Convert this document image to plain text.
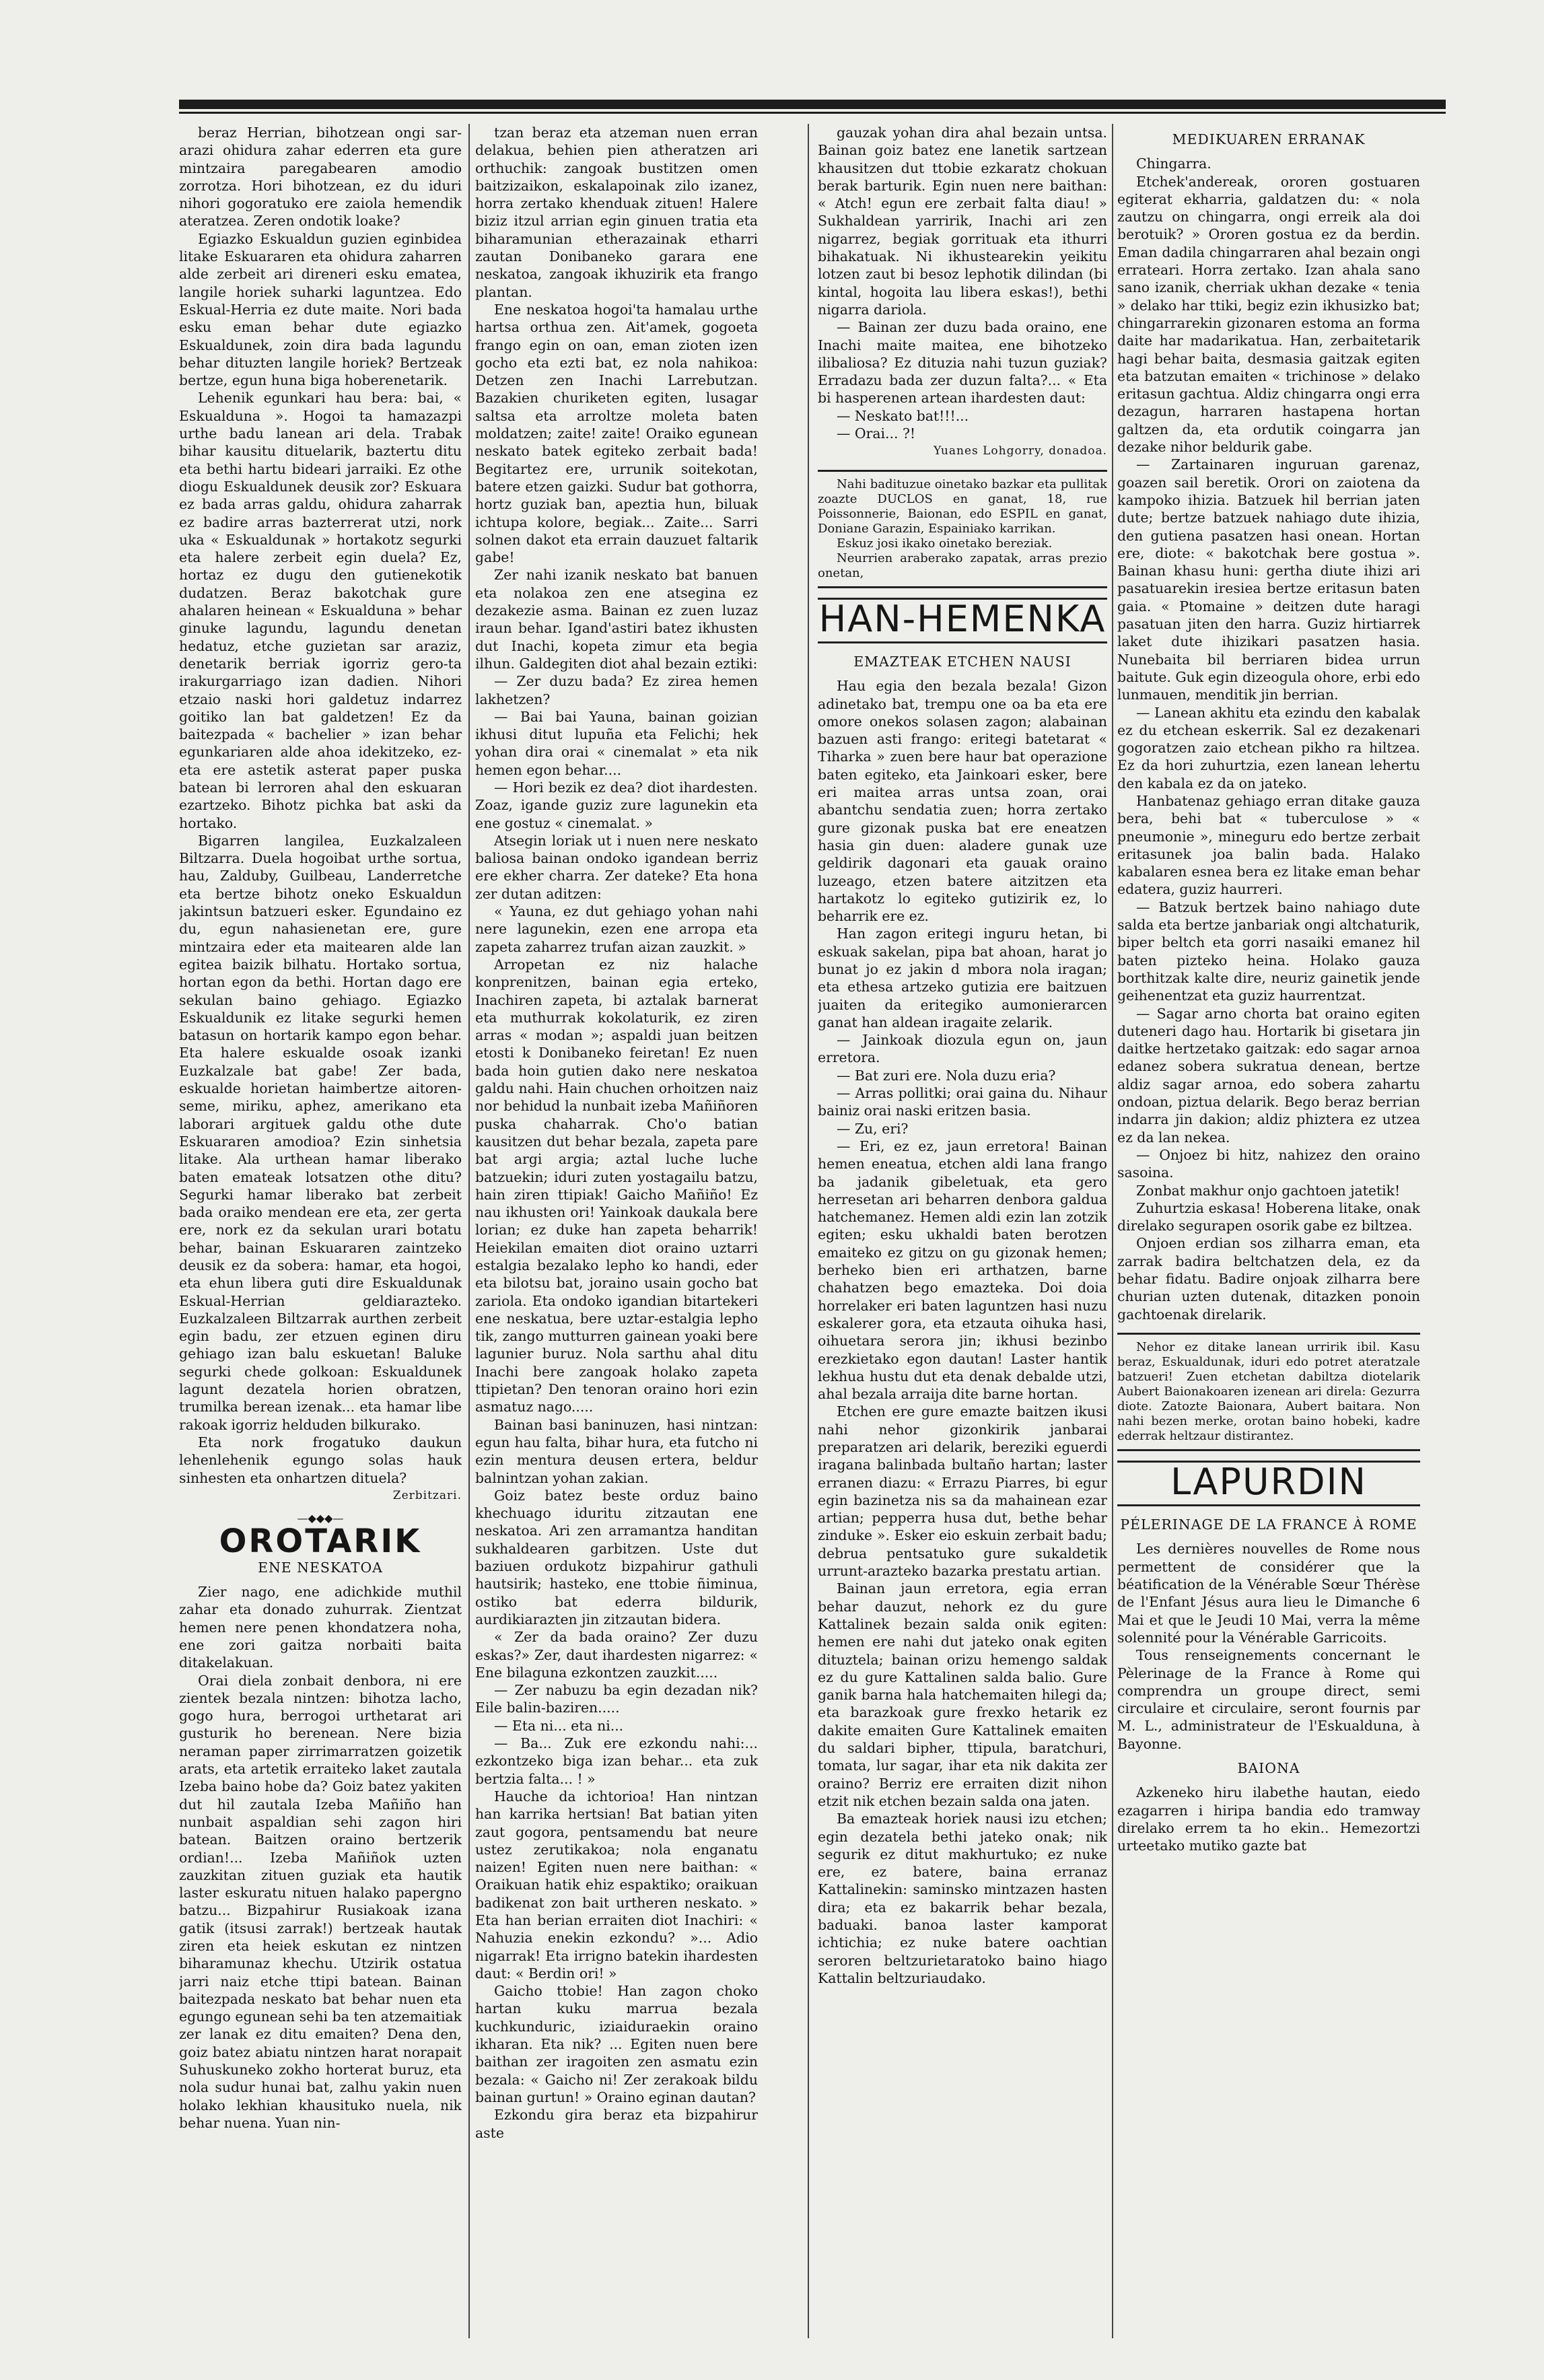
beraz Herrian, bihotzean ongi sar-arazi ohidura zahar ederren eta gure mintzaira paregabearen amodio zorrotza. Hori bihotzean, ez du iduri nihori gogoratuko ere zaiola hemendik ateratzea. Zeren ondotik loake?

Egiazko Eskualdun guzien eginbidea litake Eskuararen eta ohidura zaharren alde zerbeit ari direneri esku ematea, langile horiek suharki laguntzea. Edo Eskual-Herria ez dute maite. Nori bada esku eman behar dute egiazko Eskualdunek, zoin dira bada lagundu behar dituzten langile horiek? Bertzeak bertze, egun huna biga hoberenetarik.

Lehenik egunkari hau bera: bai, « Eskualduna ». Hogoi ta hamazazpi urthe badu lanean ari dela. Trabak bihar kausitu dituelarik, baztertu ditu eta bethi hartu bideari jarraiki. Ez othe diogu Eskualdunek deusik zor? Eskuara ez bada arras galdu, ohidura zaharrak ez badire arras bazterrerat utzi, nork uka « Eskualdunak » hortakotz segurki eta halere zerbeit egin duela? Ez, hortaz ez dugu den gutienekotik dudatzen. Beraz bakotchak gure ahalaren heinean « Eskualduna » behar ginuke lagundu, lagundu denetan hedatuz, etche guzietan sar araziz, denetarik berriak igorriz gero-ta irakurgarriago izan dadien. Nihori etzaio naski hori galdetuz indarrez goitiko lan bat galdetzen! Ez da baitezpada « bachelier » izan behar egunkariaren alde ahoa idekitzeko, ez-eta ere astetik asterat paper puska batean bi lerroren ahal den eskuaran ezartzeko. Bihotz pichka bat aski da hortako.

Bigarren langilea, Euzkalzaleen Biltzarra. Duela hogoibat urthe sortua, hau, Zalduby, Guilbeau, Landerretche eta bertze bihotz oneko Eskualdun jakintsun batzueri esker. Egundaino ez du, egun nahasienetan ere, gure mintzaira eder eta maitearen alde lan egitea baizik bilhatu. Hortako sortua, hortan egon da bethi. Hortan dago ere sekulan baino gehiago. Egiazko Eskualdunik ez litake segurki hemen batasun on hortarik kampo egon behar. Eta halere eskualde osoak izanki Euzkalzale bat gabe! Zer bada, eskualde horietan haimbertze aitoren-seme, miriku, aphez, amerikano eta laborari argituek galdu othe dute Eskuararen amodioa? Ezin sinhetsia litake. Ala urthean hamar liberako baten emateak lotsatzen othe ditu? Segurki hamar liberako bat zerbeit bada oraiko mendean ere eta, zer gerta ere, nork ez da sekulan urari botatu behar, bainan Eskuararen zaintzeko deusik ez da sobera: hamar, eta hogoi, eta ehun libera guti dire Eskualdunak Eskual-Herrian geldiarazteko. Euzkalzaleen Biltzarrak aurthen zerbeit egin badu, zer etzuen eginen diru gehiago izan balu eskuetan! Baluke segurki chede golkoan: Eskualdunek lagunt dezatela horien obratzen, trumilka berean izenak... eta hamar libe rakoak igorriz helduden bilkurako.

Eta nork frogatuko daukun lehenlehenik egungo solas hauk sinhesten eta onhartzen dituela?

Zerbitzari.

—◆◆◆—
OROTARIK

ENE NESKATOA

Zier nago, ene adichkide muthil zahar eta donado zuhurrak. Zientzat hemen nere penen khondatzera noha, ene zori gaitza norbaiti baita ditakelakuan.

Orai diela zonbait denbora, ni ere zientek bezala nintzen: bihotza lacho, gogo hura, berrogoi urthetarat ari gusturik ho berenean. Nere bizia neraman paper zirrimarratzen goizetik arats, eta artetik erraiteko laket zautala Izeba baino hobe da? Goiz batez yakiten dut hil zautala Izeba Mañiño han nunbait aspaldian sehi zagon hiri batean. Baitzen oraino bertzerik ordian!... Izeba Mañiñok uzten zauzkitan zituen guziak eta hautik laster eskuratu nituen halako papergno batzu... Bizpahirur Rusiakoak izana gatik (itsusi zarrak!) bertzeak hautak ziren eta heiek eskutan ez nintzen biharamunaz khechu. Utzirik ostatua jarri naiz etche ttipi batean. Bainan baitezpada neskato bat behar nuen eta egungo egunean sehi ba ten atzemaitiak zer lanak ez ditu emaiten? Dena den, goiz batez abiatu nintzen harat norapait Suhuskuneko zokho horterat buruz, eta nola sudur hunai bat, zalhu yakin nuen holako lekhian khausituko nuela, nik behar nuena. Yuan nin-

tzan beraz eta atzeman nuen erran delakua, behien pien atheratzen ari orthuchik: zangoak bustitzen omen baitzizaikon, eskalapoinak zilo izanez, horra zertako khenduak zituen! Halere biziz itzul arrian egin ginuen tratia eta biharamunian etherazainak etharri zautan Donibaneko garara ene neskatoa, zangoak ikhuzirik eta frango plantan.

Ene neskatoa hogoi'ta hamalau urthe hartsa orthua zen. Ait'amek, gogoeta frango egin on oan, eman zioten izen gocho eta ezti bat, ez nola nahikoa: Detzen zen Inachi Larrebutzan. Bazakien churiketen egiten, lusagar saltsa eta arroltze moleta baten moldatzen; zaite! zaite! Oraiko egunean neskato batek egiteko zerbait bada! Begitartez ere, urrunik soitekotan, batere etzen gaizki. Sudur bat gothorra, hortz guziak ban, apeztia hun, biluak ichtupa kolore, begiak... Zaite... Sarri solnen dakot eta errain dauzuet faltarik gabe!

Zer nahi izanik neskato bat banuen eta nolakoa zen ene atsegina ez dezakezie asma. Bainan ez zuen luzaz iraun behar. Igand'astiri batez ikhusten dut Inachi, kopeta zimur eta begia ilhun. Galdegiten diot ahal bezain eztiki:

— Zer duzu bada? Ez zirea hemen lakhetzen?

— Bai bai Yauna, bainan goizian ikhusi ditut lupuña eta Felichi; hek yohan dira orai « cinemalat » eta nik hemen egon behar....

— Hori bezik ez dea? diot ihardesten. Zoaz, igande guziz zure lagunekin eta ene gostuz « cinemalat. »

Atsegin loriak ut i nuen nere neskato baliosa bainan ondoko igandean berriz ere ekher charra. Zer dateke? Eta hona zer dutan aditzen:

« Yauna, ez dut gehiago yohan nahi nere lagunekin, ezen ene arropa eta zapeta zaharrez trufan aizan zauzkit. »

Arropetan ez niz halache konprenitzen, bainan egia erteko, Inachiren zapeta, bi aztalak barnerat eta muthurrak kokolaturik, ez ziren arras « modan »; aspaldi juan beitzen etosti k Donibaneko feiretan! Ez nuen bada hoin gutien dako nere neskatoa galdu nahi. Hain chuchen orhoitzen naiz nor behidud la nunbait izeba Mañiñoren puska chaharrak. Cho'o batian kausitzen dut behar bezala, zapeta pare bat argi argia; aztal luche luche batzuekin; iduri zuten yostagailu batzu, hain ziren ttipiak! Gaicho Mañiño! Ez nau ikhusten ori! Yainkoak daukala bere lorian; ez duke han zapeta beharrik! Heiekilan emaiten diot oraino uztarri estalgia bezalako lepho ko handi, eder eta bilotsu bat, joraino usain gocho bat zariola. Eta ondoko igandian bitartekeri ene neskatua, bere uztar-estalgia lepho tik, zango mutturren gainean yoaki bere lagunier buruz. Nola sarthu ahal ditu Inachi bere zangoak holako zapeta ttipietan? Den tenoran oraino hori ezin asmatuz nago.....

Bainan basi baninuzen, hasi nintzan: egun hau falta, bihar hura, eta futcho ni ezin mentura deusen ertera, beldur balnintzan yohan zakian.

Goiz batez beste orduz baino khechuago iduritu zitzautan ene neskatoa. Ari zen arramantza handitan sukhaldearen garbitzen. Uste dut baziuen ordukotz bizpahirur gathuli hautsirik; hasteko, ene ttobie ñiminua, ostiko bat ederra bildurik, aurdikiarazten jin zitzautan bidera.

« Zer da bada oraino? Zer duzu eskas?» Zer, daut ihardesten nigarrez: « Ene bilaguna ezkontzen zauzkit.....

— Zer nabuzu ba egin dezadan nik? Eile balin-baziren.....

— Eta ni... eta ni...

— Ba... Zuk ere ezkondu nahi:... ezkontzeko biga izan behar... eta zuk bertzia falta... ! »

Hauche da ichtorioa! Han nintzan han karrika hertsian! Bat batian yiten zaut gogora, pentsamendu bat neure ustez zerutikakoa; nola enganatu naizen! Egiten nuen nere baithan: « Oraikuan hatik ehiz espaktiko; oraikuan badikenat zon bait urtheren neskato. » Eta han berian erraiten diot Inachiri: « Nahuzia enekin ezkondu? »... Adio nigarrak! Eta irrigno batekin ihardesten daut: « Berdin ori! »

Gaicho ttobie! Han zagon choko hartan kuku marrua bezala kuchkunduric, iziaiduraekin oraino ikharan. Eta nik? ... Egiten nuen bere baithan zer iragoiten zen asmatu ezin bezala: « Gaicho ni! Zer zerakoak bildu bainan gurtun! » Oraino eginan dautan?

Ezkondu gira beraz eta bizpahirur aste

gauzak yohan dira ahal bezain untsa. Bainan goiz batez ene lanetik sartzean khausitzen dut ttobie ezkaratz chokuan berak barturik. Egin nuen nere baithan: « Atch! egun ere zerbait falta diau! » Sukhaldean yarririk, Inachi ari zen nigarrez, begiak gorrituak eta ithurri bihakatuak. Ni ikhustearekin yeikitu lotzen zaut bi besoz lephotik dilindan (bi kintal, hogoita lau libera eskas!), bethi nigarra dariola.

— Bainan zer duzu bada oraino, ene Inachi maite maitea, ene bihotzeko ilibaliosa? Ez dituzia nahi tuzun guziak? Erradazu bada zer duzun falta?... « Eta bi hasperenen artean ihardesten daut:

— Neskato bat!!!...

— Orai... ?!

Yuanes Lohgorry, donadoa.

Nahi badituzue oinetako bazkar eta pullitak zoazte DUCLOS en ganat, 18, rue Poissonnerie, Baionan, edo ESPIL en ganat, Doniane Garazin, Espainiako karrikan.

Eskuz josi ikako oinetako bereziak.

Neurrien araberako zapatak, arras prezio onetan,

HAN-HEMENKA

EMAZTEAK ETCHEN NAUSI

Hau egia den bezala bezala! Gizon adinetako bat, trempu one oa ba eta ere omore onekos solasen zagon; alabainan bazuen asti frango: eritegi batetarat « Tiharka » zuen bere haur bat operazione baten egiteko, eta Jainkoari esker, bere eri maitea arras untsa zoan, orai abantchu sendatia zuen; horra zertako gure gizonak puska bat ere eneatzen hasia gin duen: aladere gunak uze geldirik dagonari eta gauak oraino luzeago, etzen batere aitzitzen eta hartakotz lo egiteko gutizirik ez, lo beharrik ere ez.

Han zagon eritegi inguru hetan, bi eskuak sakelan, pipa bat ahoan, harat jo bunat jo ez jakin d mbora nola iragan; eta ethesa artzeko gutizia ere baitzuen juaiten da eritegiko aumonierarcen ganat han aldean iragaite zelarik.

— Jainkoak diozula egun on, jaun erretora.

— Bat zuri ere. Nola duzu eria?

— Arras pollitki; orai gaina du. Nihaur bainiz orai naski eritzen basia.

— Zu, eri?

— Eri, ez ez, jaun erretora! Bainan hemen eneatua, etchen aldi lana frango ba jadanik gibeletuak, eta gero herresetan ari beharren denbora galdua hatchemanez. Hemen aldi ezin lan zotzik egiten; esku ukhaldi baten berotzen emaiteko ez gitzu on gu gizonak hemen; berheko bien eri arthatzen, barne chahatzen bego emazteka. Doi doia horrelaker eri baten laguntzen hasi nuzu eskalerer gora, eta etzauta oihuka hasi, oihuetara serora jin; ikhusi bezinbo erezkietako egon dautan! Laster hantik lekhua hustu dut eta denak debalde utzi, ahal bezala arraija dite barne hortan.

Etchen ere gure emazte baitzen ikusi nahi nehor gizonkirik janbarai preparatzen ari delarik, bereziki eguerdi iragana balinbada bultaño hartan; laster erranen diazu: « Errazu Piarres, bi egur egin bazinetza nis sa da mahainean ezar artian; pepperra husa dut, bethe behar zinduke ». Esker eio eskuin zerbait badu; debrua pentsatuko gure sukaldetik urrunt-arazteko bazarka prestatu artian.

Bainan jaun erretora, egia erran behar dauzut, nehork ez du gure Kattalinek bezain salda onik egiten: hemen ere nahi dut jateko onak egiten dituztela; bainan orizu hemengo saldak ez du gure Kattalinen salda balio. Gure ganik barna hala hatchemaiten hilegi da; eta barazkoak gure frexko hetarik ez dakite emaiten Gure Kattalinek emaiten du saldari bipher, ttipula, baratchuri, tomata, lur sagar, ihar eta nik dakita zer oraino? Berriz ere erraiten dizit nihon etzit nik etchen bezain salda ona jaten.

Ba emazteak horiek nausi izu etchen; egin dezatela bethi jateko onak; nik segurik ez ditut makhurtuko; ez nuke ere, ez batere, baina erranaz Kattalinekin: saminsko mintzazen hasten dira; eta ez bakarrik behar bezala, baduaki. banoa laster kamporat ichtichia; ez nuke batere oachtian seroren beltzurietaratoko baino hiago Kattalin beltzuriaudako.

MEDIKUAREN ERRANAK

Chingarra.

Etchek'andereak, ororen gostuaren egiterat ekharria, galdatzen du: « nola zautzu on chingarra, ongi erreik ala doi berotuik? » Ororen gostua ez da berdin. Eman dadila chingarraren ahal bezain ongi errateari. Horra zertako. Izan ahala sano sano izanik, cherriak ukhan dezake « tenia » delako har ttiki, begiz ezin ikhusizko bat; chingarrarekin gizonaren estoma an forma daite har madarikatua. Han, zerbaitetarik hagi behar baita, desmasia gaitzak egiten eta batzutan emaiten « trichinose » delako eritasun gachtua. Aldiz chingarra ongi erra dezagun, harraren hastapena hortan galtzen da, eta ordutik coingarra jan dezake nihor beldurik gabe.

— Zartainaren inguruan garenaz, goazen sail beretik. Orori on zaiotena da kampoko ihizia. Batzuek hil berrian jaten dute; bertze batzuek nahiago dute ihizia, den gutiena pasatzen hasi onean. Hortan ere, diote: « bakotchak bere gostua ». Bainan khasu huni: gertha diute ihizi ari pasatuarekin iresiea bertze eritasun baten gaia. « Ptomaine » deitzen dute haragi pasatuan jiten den harra. Guziz hirtiarrek laket dute ihizikari pasatzen hasia. Nunebaita bil berriaren bidea urrun baitute. Guk egin dizeogula ohore, erbi edo lunmauen, menditik jin berrian.

— Lanean akhitu eta ezindu den kabalak ez du etchean eskerrik. Sal ez dezakenari gogoratzen zaio etchean pikho ra hiltzea. Ez da hori zuhurtzia, ezen lanean lehertu den kabala ez da on jateko.

Hanbatenaz gehiago erran ditake gauza bera, behi bat « tuberculose » « pneumonie », mineguru edo bertze zerbait eritasunek joa balin bada. Halako kabalaren esnea bera ez litake eman behar edatera, guziz haurreri.

— Batzuk bertzek baino nahiago dute salda eta bertze janbariak ongi altchaturik, biper beltch eta gorri nasaiki emanez hil baten pizteko heina. Holako gauza borthitzak kalte dire, neuriz gainetik jende geihenentzat eta guziz haurrentzat.

— Sagar arno chorta bat oraino egiten duteneri dago hau. Hortarik bi gisetara jin daitke hertzetako gaitzak: edo sagar arnoa edanez sobera sukratua denean, bertze aldiz sagar arnoa, edo sobera zahartu ondoan, piztua delarik. Bego beraz berrian indarra jin dakion; aldiz phiztera ez utzea ez da lan nekea.

— Onjoez bi hitz, nahizez den oraino sasoina.

Zonbat makhur onjo gachtoen jatetik!

Zuhurtzia eskasa! Hoberena litake, onak direlako segurapen osorik gabe ez biltzea.

Onjoen erdian sos zilharra eman, eta zarrak badira beltchatzen dela, ez da behar fidatu. Badire onjoak zilharra bere churian uzten dutenak, ditazken ponoin gachtoenak direlarik.

Nehor ez ditake lanean urririk ibil. Kasu beraz, Eskualdunak, iduri edo potret ateratzale batzueri! Zuen etchetan dabiltza diotelarik Aubert Baionakoaren izenean ari direla: Gezurra diote. Zatozte Baionara, Aubert baitara. Non nahi bezen merke, orotan baino hobeki, kadre ederrak heltzaur distirantez.

LAPURDIN

PÉLERINAGE DE LA FRANCE À ROME

Les dernières nouvelles de Rome nous permettent de considérer que la béatification de la Vénérable Sœur Thérèse de l'Enfant Jésus aura lieu le Dimanche 6 Mai et que le Jeudi 10 Mai, verra la même solennité pour la Vénérable Garricoits.

Tous renseignements concernant le Pèlerinage de la France à Rome qui comprendra un groupe direct, semi circulaire et circulaire, seront fournis par M. L., administrateur de l'Eskualduna, à Bayonne.

BAIONA

Azkeneko hiru ilabethe hautan, eiedo ezagarren i hiripa bandia edo tramway direlako errem ta ho ekin.. Hemezortzi urteetako mutiko gazte bat
